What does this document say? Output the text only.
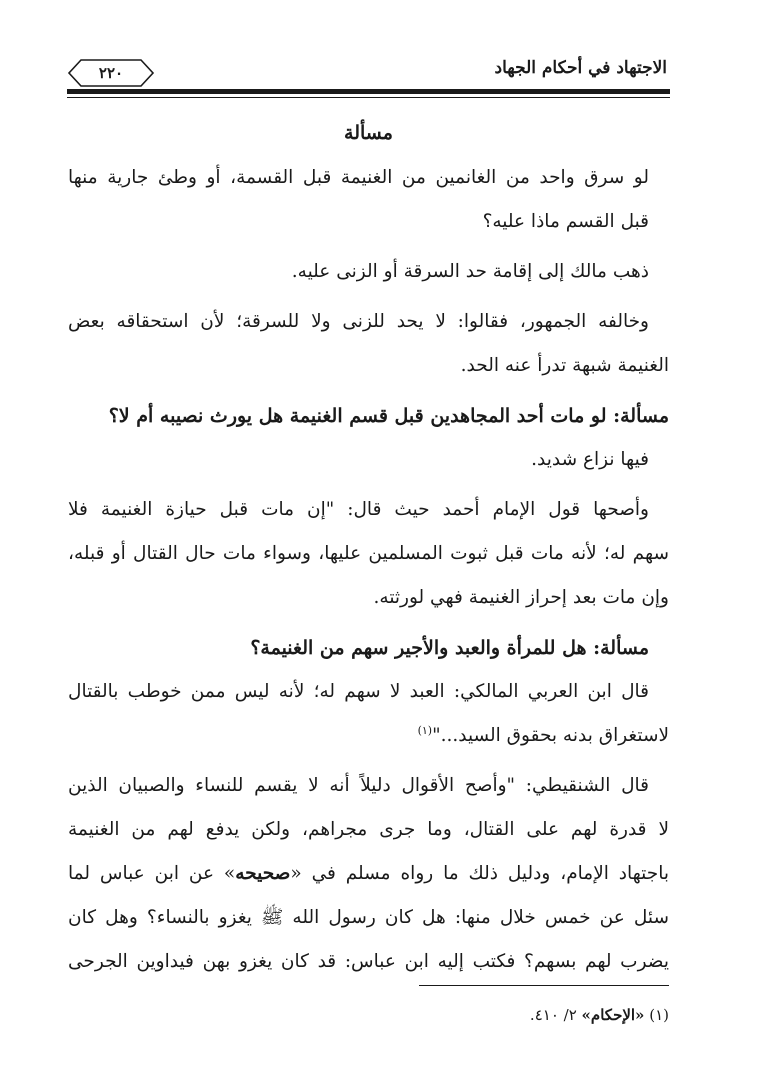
الاجتهاد في أحكام الجهاد
٢٢٠
مسألة
لو سرق واحد من الغانمين من الغنيمة قبل القسمة، أو وطئ جارية منها
قبل القسم ماذا عليه؟
ذهب مالك إلى إقامة حد السرقة أو الزنى عليه.
وخالفه الجمهور، فقالوا: لا يحد للزنى ولا للسرقة؛ لأن استحقاقه بعض
الغنيمة شبهة تدرأ عنه الحد.
مسألة: لو مات أحد المجاهدين قبل قسم الغنيمة هل يورث نصيبه أم لا؟
فيها نزاع شديد.
وأصحها قول الإمام أحمد حيث قال: "إن مات قبل حيازة الغنيمة فلا
سهم له؛ لأنه مات قبل ثبوت المسلمين عليها، وسواء مات حال القتال أو قبله،
وإن مات بعد إحراز الغنيمة فهي لورثته.
مسألة: هل للمرأة والعبد والأجير سهم من الغنيمة؟
قال ابن العربي المالكي: العبد لا سهم له؛ لأنه ليس ممن خوطب بالقتال
لاستغراق بدنه بحقوق السيد..."$^{(١)}$
قال الشنقيطي: "وأصح الأقوال دليلاً أنه لا يقسم للنساء والصبيان الذين
لا قدرة لهم على القتال، وما جرى مجراهم، ولكن يدفع لهم من الغنيمة
باجتهاد الإمام، ودليل ذلك ما رواه مسلم في «صحيحه» عن ابن عباس لما
سئل عن خمس خلال منها: هل كان رسول الله ﷺ يغزو بالنساء؟ وهل كان
يضرب لهم بسهم؟ فكتب إليه ابن عباس: قد كان يغزو بهن فيداوين الجرحى
(١) «الإحكام» ٢/ ٤١٠.
